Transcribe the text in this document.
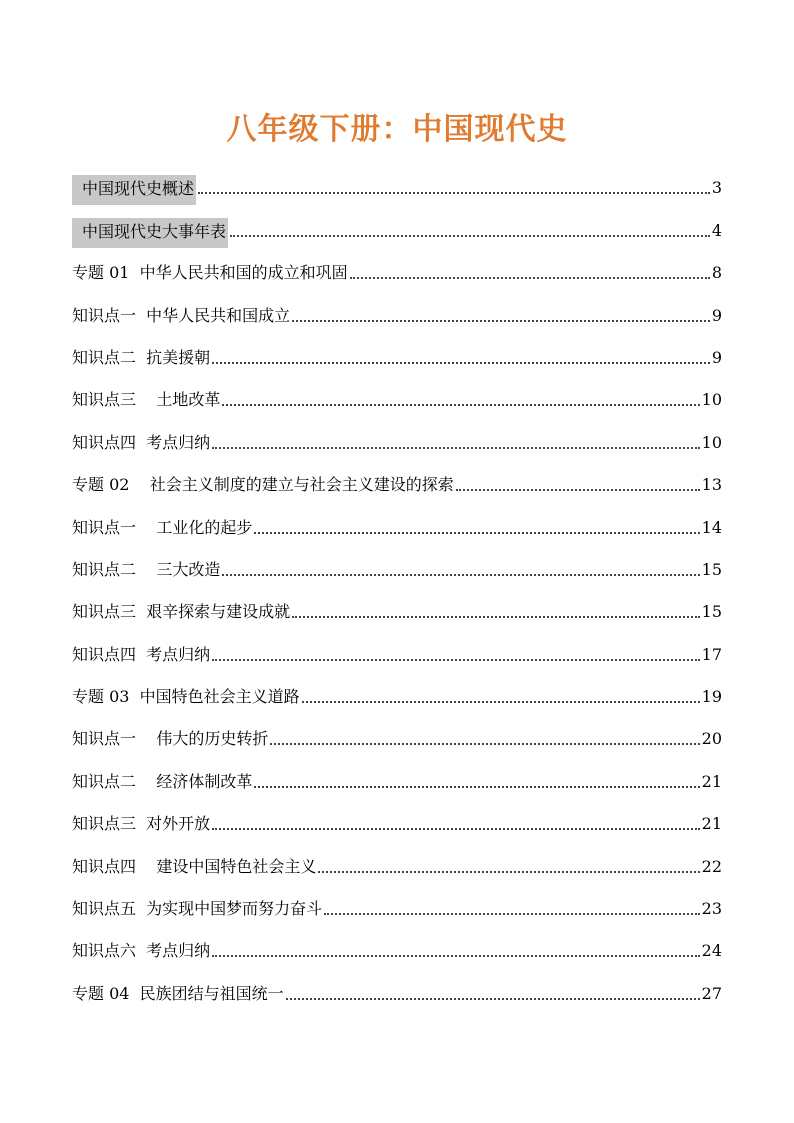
八年级下册：中国现代史
中国现代史概述	3
中国现代史大事年表	4
专题 01  中华人民共和国的成立和巩固	8
知识点一  中华人民共和国成立	9
知识点二  抗美援朝	9
知识点三    土地改革	10
知识点四  考点归纳	10
专题 02    社会主义制度的建立与社会主义建设的探索	13
知识点一    工业化的起步	14
知识点二    三大改造	15
知识点三  艰辛探索与建设成就	15
知识点四  考点归纳	17
专题 03  中国特色社会主义道路	19
知识点一    伟大的历史转折	20
知识点二    经济体制改革	21
知识点三  对外开放	21
知识点四    建设中国特色社会主义	22
知识点五  为实现中国梦而努力奋斗	23
知识点六  考点归纳	24
专题 04  民族团结与祖国统一	27
